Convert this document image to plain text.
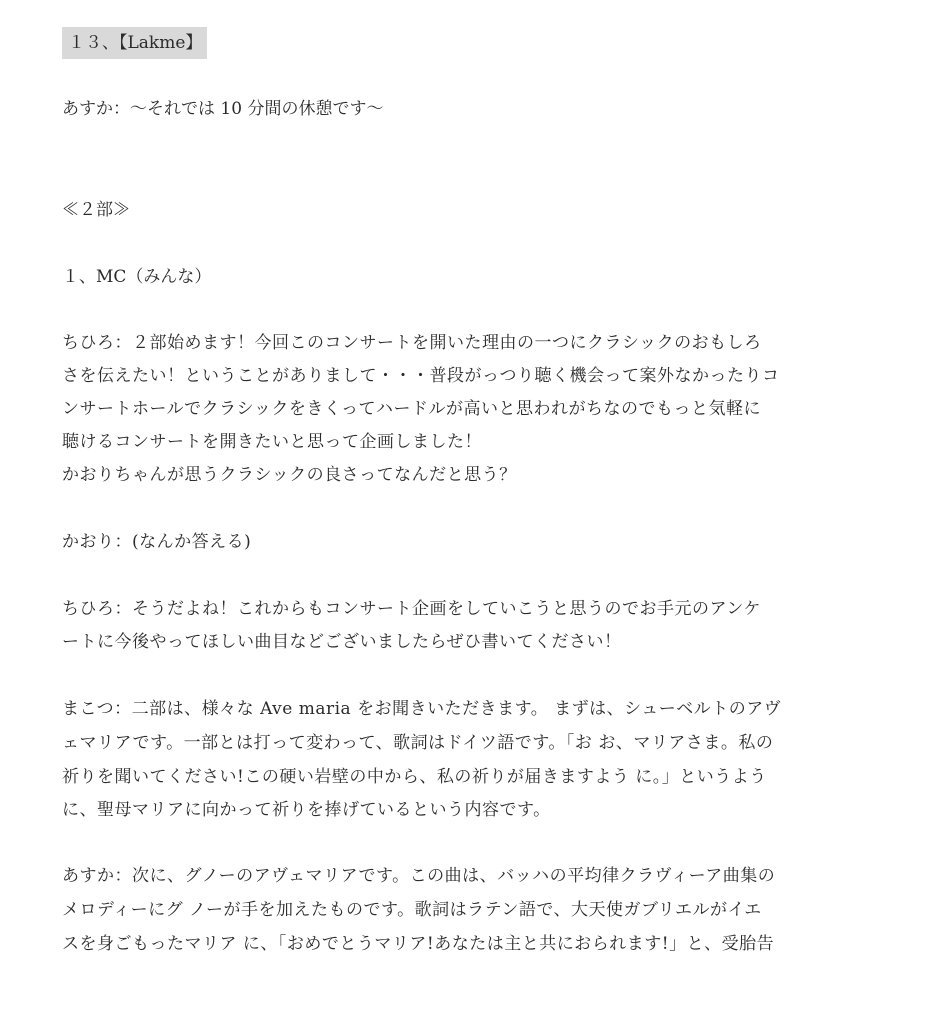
１３、【Lakme】
あすか：～それでは 10 分間の休憩です～
≪２部≫
１、MC（みんな）
ちひろ：２部始めます！今回このコンサートを開いた理由の一つにクラシックのおもしろ
さを伝えたい！ということがありまして・・・普段がっつり聴く機会って案外なかったりコ
ンサートホールでクラシックをきくってハードルが高いと思われがちなのでもっと気軽に
聴けるコンサートを開きたいと思って企画しました！
かおりちゃんが思うクラシックの良さってなんだと思う？
かおり：(なんか答える)
ちひろ：そうだよね！これからもコンサート企画をしていこうと思うのでお手元のアンケ
ートに今後やってほしい曲目などございましたらぜひ書いてください！
まこつ：二部は、様々な Ave maria をお聞きいただきます。 まずは、シューベルトのアヴ
ェマリアです。一部とは打って変わって、歌詞はドイツ語です。「お お、マリアさま。私の
祈りを聞いてください!この硬い岩壁の中から、私の祈りが届きますよう に。」というよう
に、聖母マリアに向かって祈りを捧げているという内容です。
あすか：次に、グノーのアヴェマリアです。この曲は、バッハの平均律クラヴィーア曲集の
メロディーにグ ノーが手を加えたものです。歌詞はラテン語で、大天使ガブリエルがイエ
スを身ごもったマリア に、「おめでとうマリア!あなたは主と共におられます!」と、受胎告
